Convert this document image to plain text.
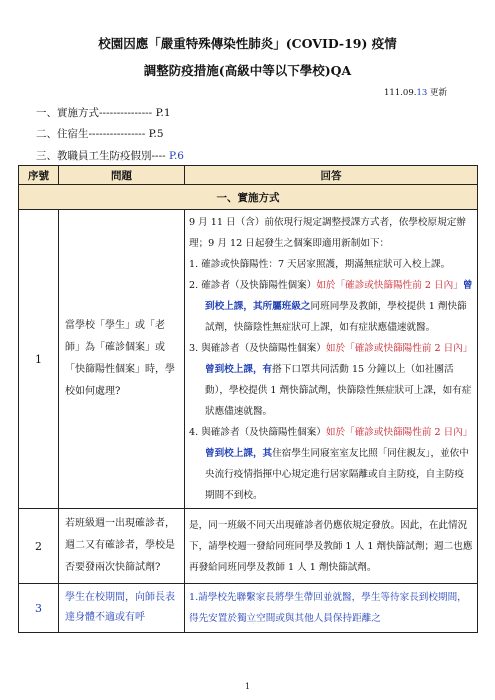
校園因應「嚴重特殊傳染性肺炎」(COVID-19) 疫情
調整防疫措施(高級中等以下學校)QA
111.09.13 更新
一、實施方式--------------- P.1
二、住宿生---------------- P.5
三、教職員工生防疫假別---- P.6
序號	問題	回答
一、實施方式		
1	當學校「學生」或「老師」為「確診個案」或「快篩陽性個案」時，學校如何處理?	9 月 11 日（含）前依現行規定調整授課方式者，依學校原規定辦理；9 月 12 日起發生之個案即適用新制如下：

1. 確診或快篩陽性：7 天居家照護，期滿無症狀可入校上課。

2. 確診者（及快篩陽性個案）如於「確診或快篩陽性前 2 日內」曾到校上課，其所屬班級之同班同學及教師，學校提供 1 劑快篩試劑，快篩陰性無症狀可上課，如有症狀應儘速就醫。

3. 與確診者（及快篩陽性個案）如於「確診或快篩陽性前 2 日內」曾到校上課，有搭下口罩共同活動 15 分鐘以上（如社團活動），學校提供 1 劑快篩試劑，快篩陰性無症狀可上課，如有症狀應儘速就醫。

4. 與確診者（及快篩陽性個案）如於「確診或快篩陽性前 2 日內」曾到校上課，其住宿學生同寢室室友比照「同住親友」，並依中央流行疫情指揮中心規定進行居家隔離或自主防疫，自主防疫期間不到校。

2	若班級週一出現確診者，週二又有確診者，學校是否要發兩次快篩試劑?	是，同一班級不同天出現確診者仍應依規定發放。因此，在此情況下，請學校週一發給同班同學及教師 1 人 1 劑快篩試劑；週二也應再發給同班同學及教師 1 人 1 劑快篩試劑。
3	學生在校期間，向師長表達身體不適或有呼	1.請學校先聯繫家長將學生帶回並就醫，學生等待家長到校期間，得先安置於獨立空間或與其他人員保持距離之
1
